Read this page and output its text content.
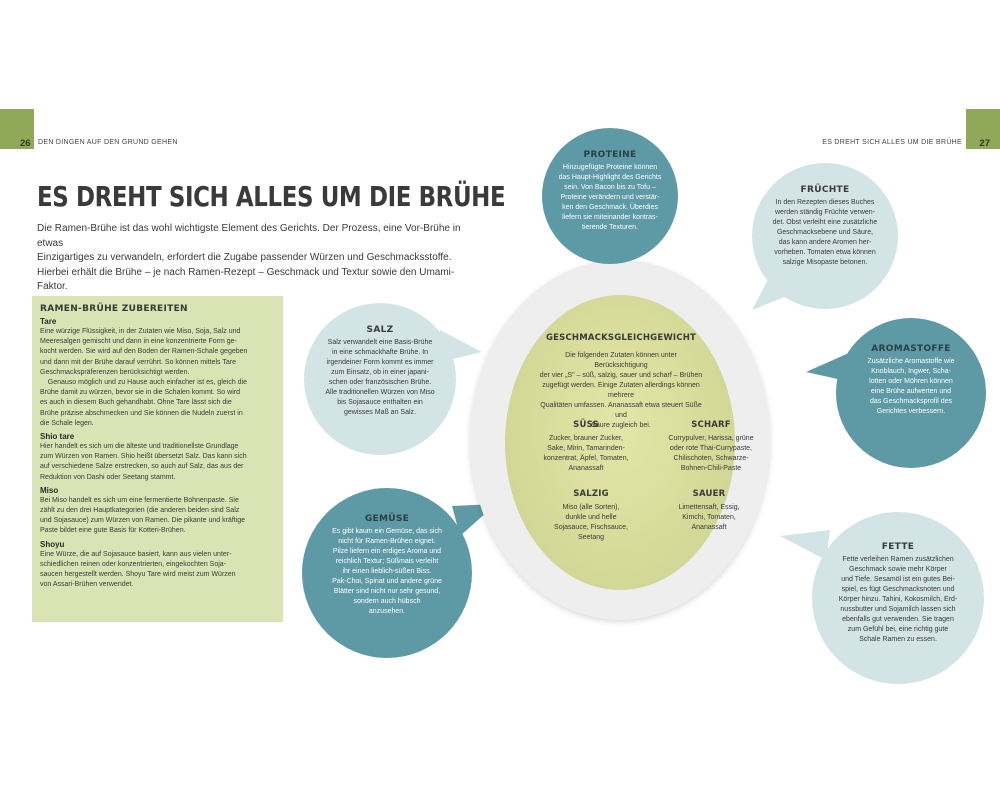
26	27
DEN DINGEN AUF DEN GRUND GEHEN	ES DREHT SICH ALLES UM DIE BRÜHE
ES DREHT SICH ALLES UM DIE BRÜHE
Die Ramen-Brühe ist das wohl wichtigste Element des Gerichts. Der Prozess, eine Vor-Brühe in etwas
Einzigartiges zu verwandeln, erfordert die Zugabe passender Würzen und Geschmacksstoffe.
Hierbei erhält die Brühe – je nach Ramen-Rezept – Geschmack und Textur sowie den Umami-Faktor.
RAMEN-BRÜHE ZUBEREITEN
Tare

Eine würzige Flüssigkeit, in der Zutaten wie Miso, Soja, Salz und
Meeresalgen gemischt und dann in eine konzentrierte Form ge-
kocht werden. Sie wird auf den Boden der Ramen-Schale gegeben
und dann mit der Brühe darauf verrührt. So können mittels Tare
Geschmackspräferenzen berücksichtigt werden.
Genauso möglich und zu Hause auch einfacher ist es, gleich die
Brühe damit zu würzen, bevor sie in die Schalen kommt. So wird
es auch in diesem Buch gehandhabt. Ohne Tare lässt sich die
Brühe präzise abschmecken und Sie können die Nudeln zuerst in
die Schale legen.

Shio tare

Hier handelt es sich um die älteste und traditionellste Grundlage
zum Würzen von Ramen. Shio heißt übersetzt Salz. Das kann sich
auf verschiedene Salze erstrecken, so auch auf Salz, das aus der
Reduktion von Dashi oder Seetang stammt.

Miso

Bei Miso handelt es sich um eine fermentierte Bohnenpaste. Sie
zählt zu den drei Hauptkategorien (die anderen beiden sind Salz
und Sojasauce) zum Würzen von Ramen. Die pikante und kräftige
Paste bildet eine gute Basis für Kotteri-Brühen.

Shoyu

Eine Würze, die auf Sojasauce basiert, kann aus vielen unter-
schiedlichen reinen oder konzentrierten, eingekochten Soja-
saucen hergestellt werden. Shoyu Tare wird meist zum Würzen
von Assari-Brühen verwendet.

GESCHMACKSGLEICHGEWICHT
Die folgenden Zutaten können unter Berücksichtigung
der vier „S" – süß, salzig, sauer und scharf – Brühen
zugefügt werden. Einige Zutaten allerdings können mehrere
Qualitäten umfassen. Ananassaft etwa steuert Süße und
Säure zugleich bei.
SÜSS
Zucker, brauner Zucker,
Sake, Mirin, Tamarinden-
konzentrat, Äpfel, Tomaten,
Ananassaft
SCHARF
Currypulver, Harissa, grüne
oder rote Thai-Currypaste,
Chilischoten, Schwarze-
Bohnen-Chili-Paste
SALZIG
Miso (alle Sorten),
dunkle und helle
Sojasauce, Fischsauce,
Seetang
SAUER
Limettensaft, Essig,
Kimchi, Tomaten,
Ananassaft
PROTEINE
Hinzugefügte Proteine können
das Haupt-Highlight des Gerichts
sein. Von Bacon bis zu Tofu –
Proteine verändern und verstär-
ken den Geschmack. Überdies
liefern sie miteinander kontras-
tierende Texturen.
FRÜCHTE
In den Rezepten dieses Buches
werden ständig Früchte verwen-
det. Obst verleiht eine zusätzliche
Geschmacksebene und Säure,
das kann andere Aromen her-
vorheben. Tomaten etwa können
salzige Misopaste betonen.
SALZ
Salz verwandelt eine Basis-Brühe
in eine schmackhafte Brühe. In
irgendeiner Form kommt es immer
zum Einsatz, ob in einer japani-
schen oder französischen Brühe.
Alle traditionellen Würzen von Miso
bis Sojasauce enthalten ein
gewisses Maß an Salz.
AROMASTOFFE
Zusätzliche Aromastoffe wie
Knoblauch, Ingwer, Scha-
lotten oder Möhren können
eine Brühe aufwerten und
das Geschmacksprofil des
Gerichtes verbessern.
GEMÜSE
Es gibt kaum ein Gemüse, das sich
nicht für Ramen-Brühen eignet.
Pilze liefern ein erdiges Aroma und
reichlich Textur; Süßmais verleiht
ihr einen lieblich-süßen Biss.
Pak-Choi, Spinat und andere grüne
Blätter sind nicht nur sehr gesund,
sondern auch hübsch
anzusehen.
FETTE
Fette verleihen Ramen zusätzlichen
Geschmack sowie mehr Körper
und Tiefe. Sesamöl ist ein gutes Bei-
spiel, es fügt Geschmacksnoten und
Körper hinzu. Tahini, Kokosmilch, Erd-
nussbutter und Sojamilch lassen sich
ebenfalls gut verwenden. Sie tragen
zum Gefühl bei, eine richtig gute
Schale Ramen zu essen.
